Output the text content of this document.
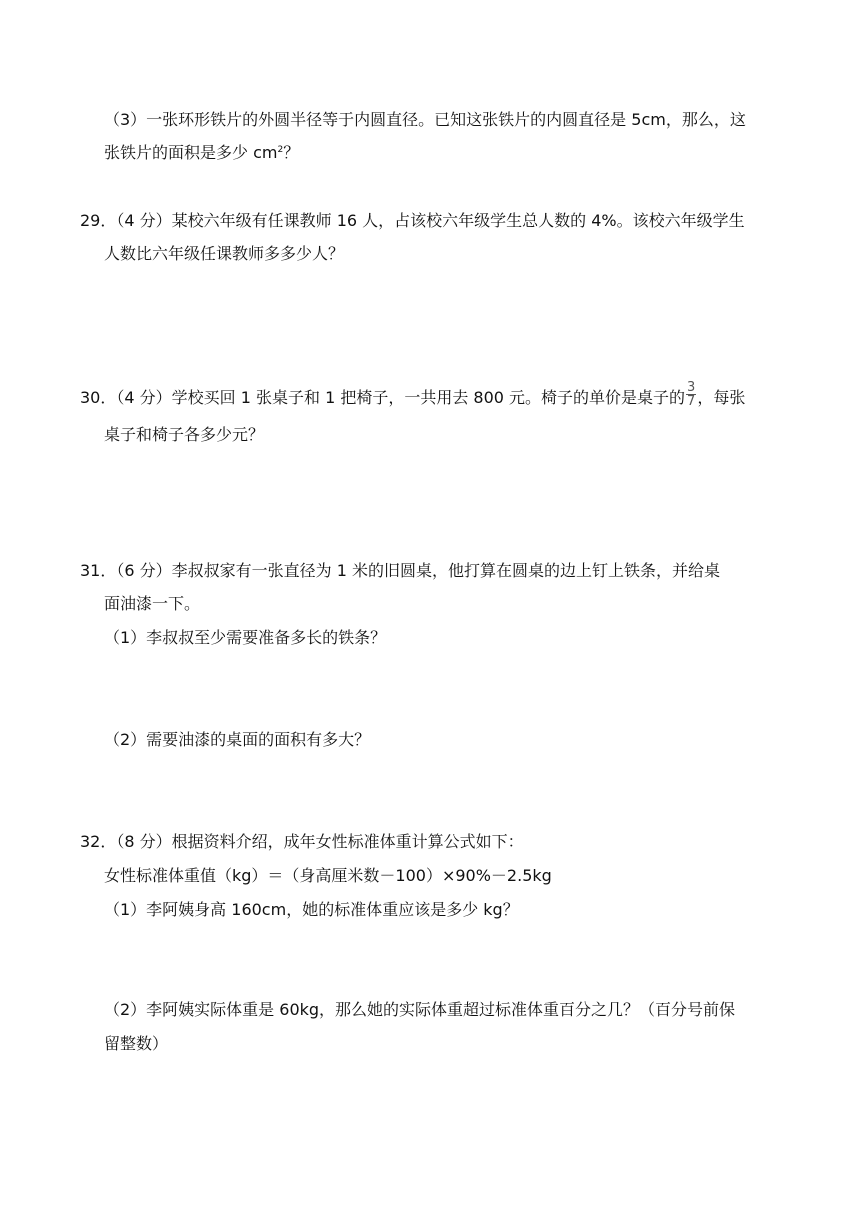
（3）一张环形铁片的外圆半径等于内圆直径。已知这张铁片的内圆直径是 5cm，那么，这
张铁片的面积是多少 $cm^2$？
29．（4 分）某校六年级有任课教师 16 人，占该校六年级学生总人数的 4%。该校六年级学生
人数比六年级任课教师多多少人？
30．（4 分）学校买回 1 张桌子和 1 把椅子，一共用去 800 元。椅子的单价是桌子的 $\frac{3}{7}$ ，每张
桌子和椅子各多少元？
31．（6 分）李叔叔家有一张直径为 1 米的旧圆桌，他打算在圆桌的边上钉上铁条，并给桌
面油漆一下。
（1）李叔叔至少需要准备多长的铁条？
（2）需要油漆的桌面的面积有多大？
32．（8 分）根据资料介绍，成年女性标准体重计算公式如下：
女性标准体重值（kg）＝（身高厘米数－100）×90%－2.5kg
（1）李阿姨身高 160cm，她的标准体重应该是多少 kg？
（2）李阿姨实际体重是 60kg，那么她的实际体重超过标准体重百分之几？（百分号前保
留整数）
